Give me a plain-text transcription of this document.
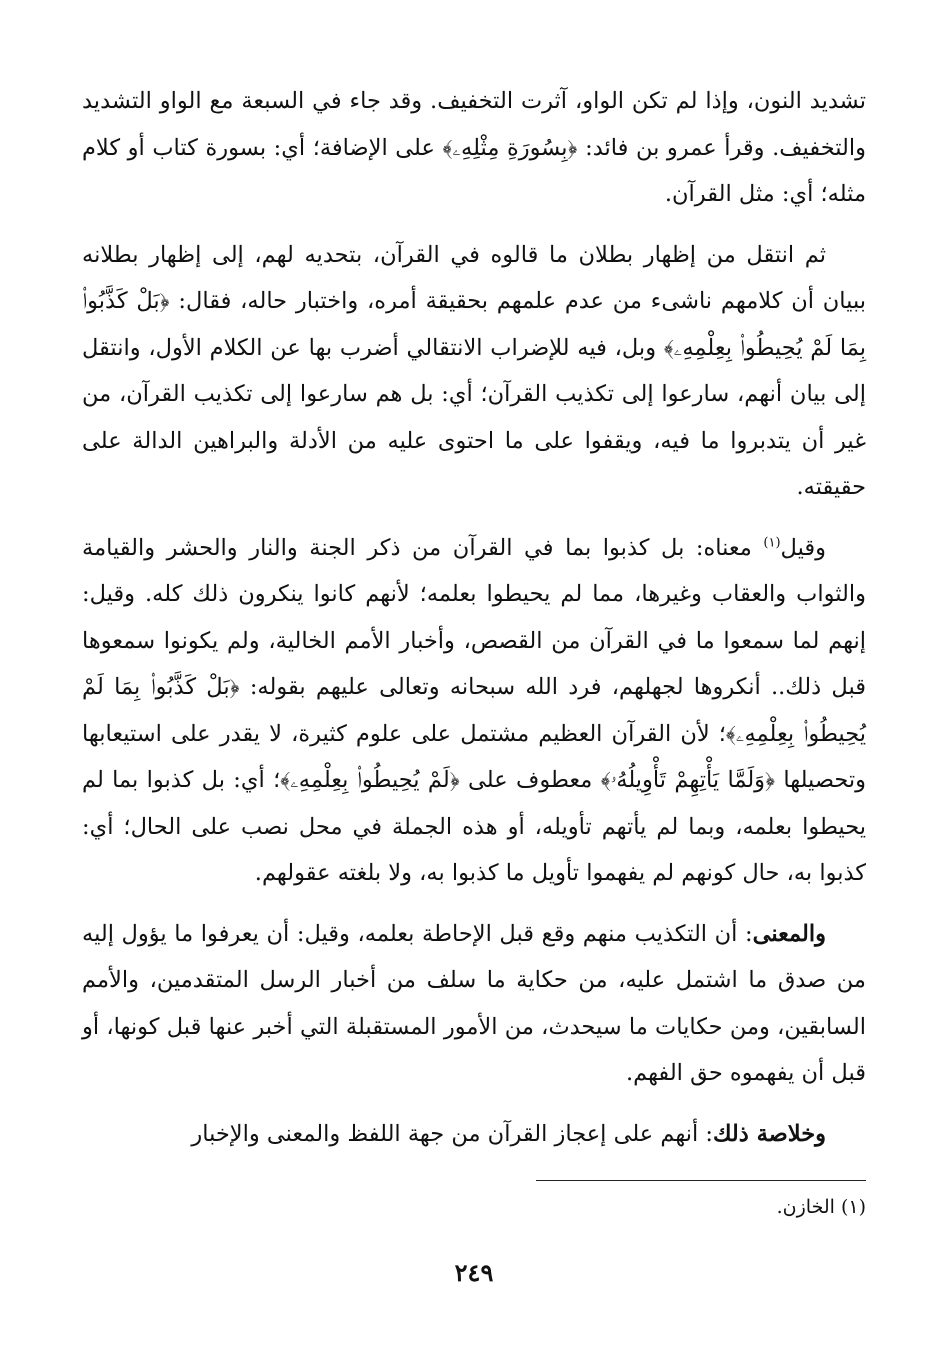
تشديد النون، وإذا لم تكن الواو، آثرت التخفيف. وقد جاء في السبعة مع الواو التشديد والتخفيف. وقرأ عمرو بن فائد: ﴿بِسُورَةِ مِثْلِهِۦ﴾ على الإضافة؛ أي: بسورة كتاب أو كلام مثله؛ أي: مثل القرآن.

ثم انتقل من إظهار بطلان ما قالوه في القرآن، بتحديه لهم، إلى إظهار بطلانه ببيان أن كلامهم ناشىء من عدم علمهم بحقيقة أمره، واختبار حاله، فقال: ﴿بَلْ كَذَّبُوا۟ بِمَا لَمْ يُحِيطُوا۟ بِعِلْمِهِۦ﴾ وبل، فيه للإضراب الانتقالي أضرب بها عن الكلام الأول، وانتقل إلى بيان أنهم، سارعوا إلى تكذيب القرآن؛ أي: بل هم سارعوا إلى تكذيب القرآن، من غير أن يتدبروا ما فيه، ويقفوا على ما احتوى عليه من الأدلة والبراهين الدالة على حقيقته.

وقيل$^{(١)}$ معناه: بل كذبوا بما في القرآن من ذكر الجنة والنار والحشر والقيامة والثواب والعقاب وغيرها، مما لم يحيطوا بعلمه؛ لأنهم كانوا ينكرون ذلك كله. وقيل: إنهم لما سمعوا ما في القرآن من القصص، وأخبار الأمم الخالية، ولم يكونوا سمعوها قبل ذلك.. أنكروها لجهلهم، فرد الله سبحانه وتعالى عليهم بقوله: ﴿بَلْ كَذَّبُوا۟ بِمَا لَمْ يُحِيطُوا۟ بِعِلْمِهِۦ﴾؛ لأن القرآن العظيم مشتمل على علوم كثيرة، لا يقدر على استيعابها وتحصيلها ﴿وَلَمَّا يَأْتِهِمْ تَأْوِيلُهُۥ﴾ معطوف على ﴿لَمْ يُحِيطُوا۟ بِعِلْمِهِۦ﴾؛ أي: بل كذبوا بما لم يحيطوا بعلمه، وبما لم يأتهم تأويله، أو هذه الجملة في محل نصب على الحال؛ أي: كذبوا به، حال كونهم لم يفهموا تأويل ما كذبوا به، ولا بلغته عقولهم.

والمعنى: أن التكذيب منهم وقع قبل الإحاطة بعلمه، وقيل: أن يعرفوا ما يؤول إليه من صدق ما اشتمل عليه، من حكاية ما سلف من أخبار الرسل المتقدمين، والأمم السابقين، ومن حكايات ما سيحدث، من الأمور المستقبلة التي أخبر عنها قبل كونها، أو قبل أن يفهموه حق الفهم.

وخلاصة ذلك: أنهم على إعجاز القرآن من جهة اللفظ والمعنى والإخبار

(١) الخازن.
٢٤٩
